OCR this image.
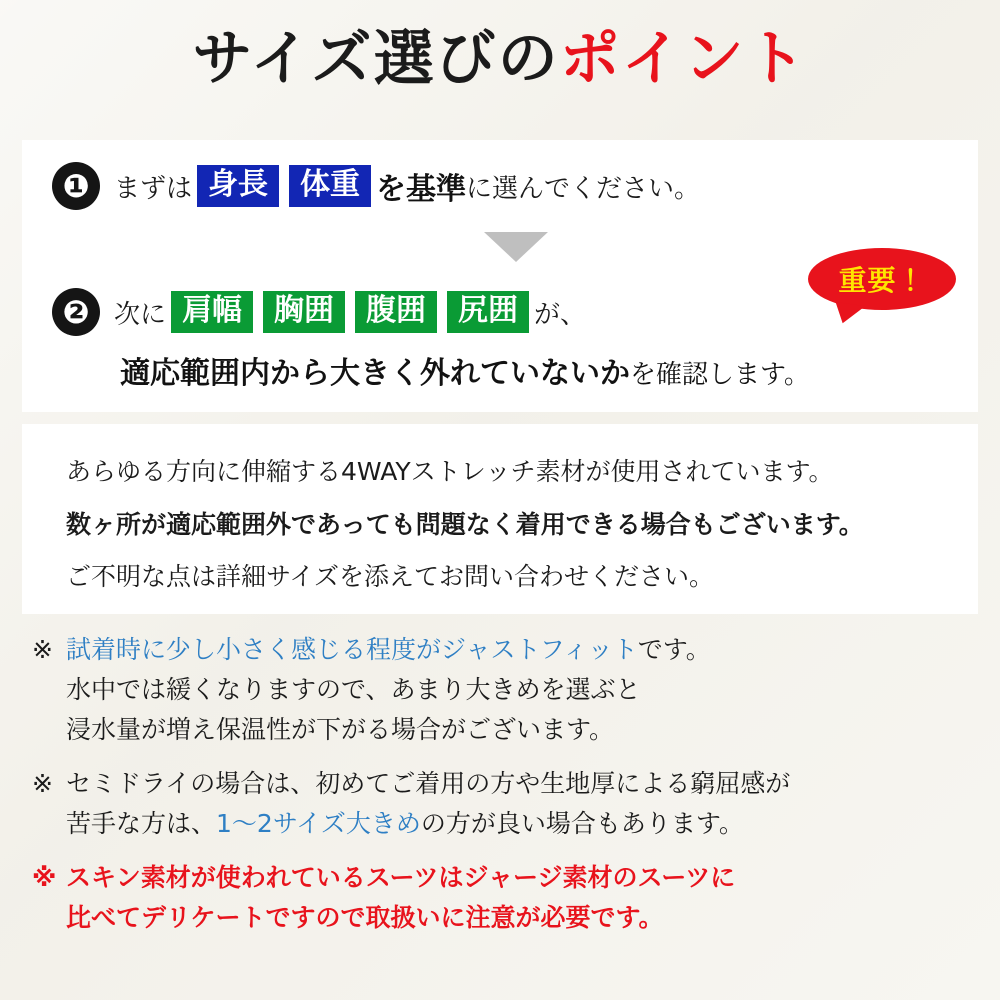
サイズ選びのポイント
❶ まずは 身長	体重 を基準 に選んでください。
❷ 次に 肩幅	胸囲	腹囲	尻囲 が、
適応範囲内から大きく外れていないかを確認します。
重要！
あらゆる方向に伸縮する4WAYストレッチ素材が使用されています。
数ヶ所が適応範囲外であっても問題なく着用できる場合もございます。
ご不明な点は詳細サイズを添えてお問い合わせください。
※ 試着時に少し小さく感じる程度がジャストフィットです。
水中では緩くなりますので、あまり大きめを選ぶと
浸水量が増え保温性が下がる場合がございます。
※ セミドライの場合は、初めてご着用の方や生地厚による窮屈感が
苦手な方は、1〜2サイズ大きめの方が良い場合もあります。
※ スキン素材が使われているスーツはジャージ素材のスーツに
比べてデリケートですので取扱いに注意が必要です。
